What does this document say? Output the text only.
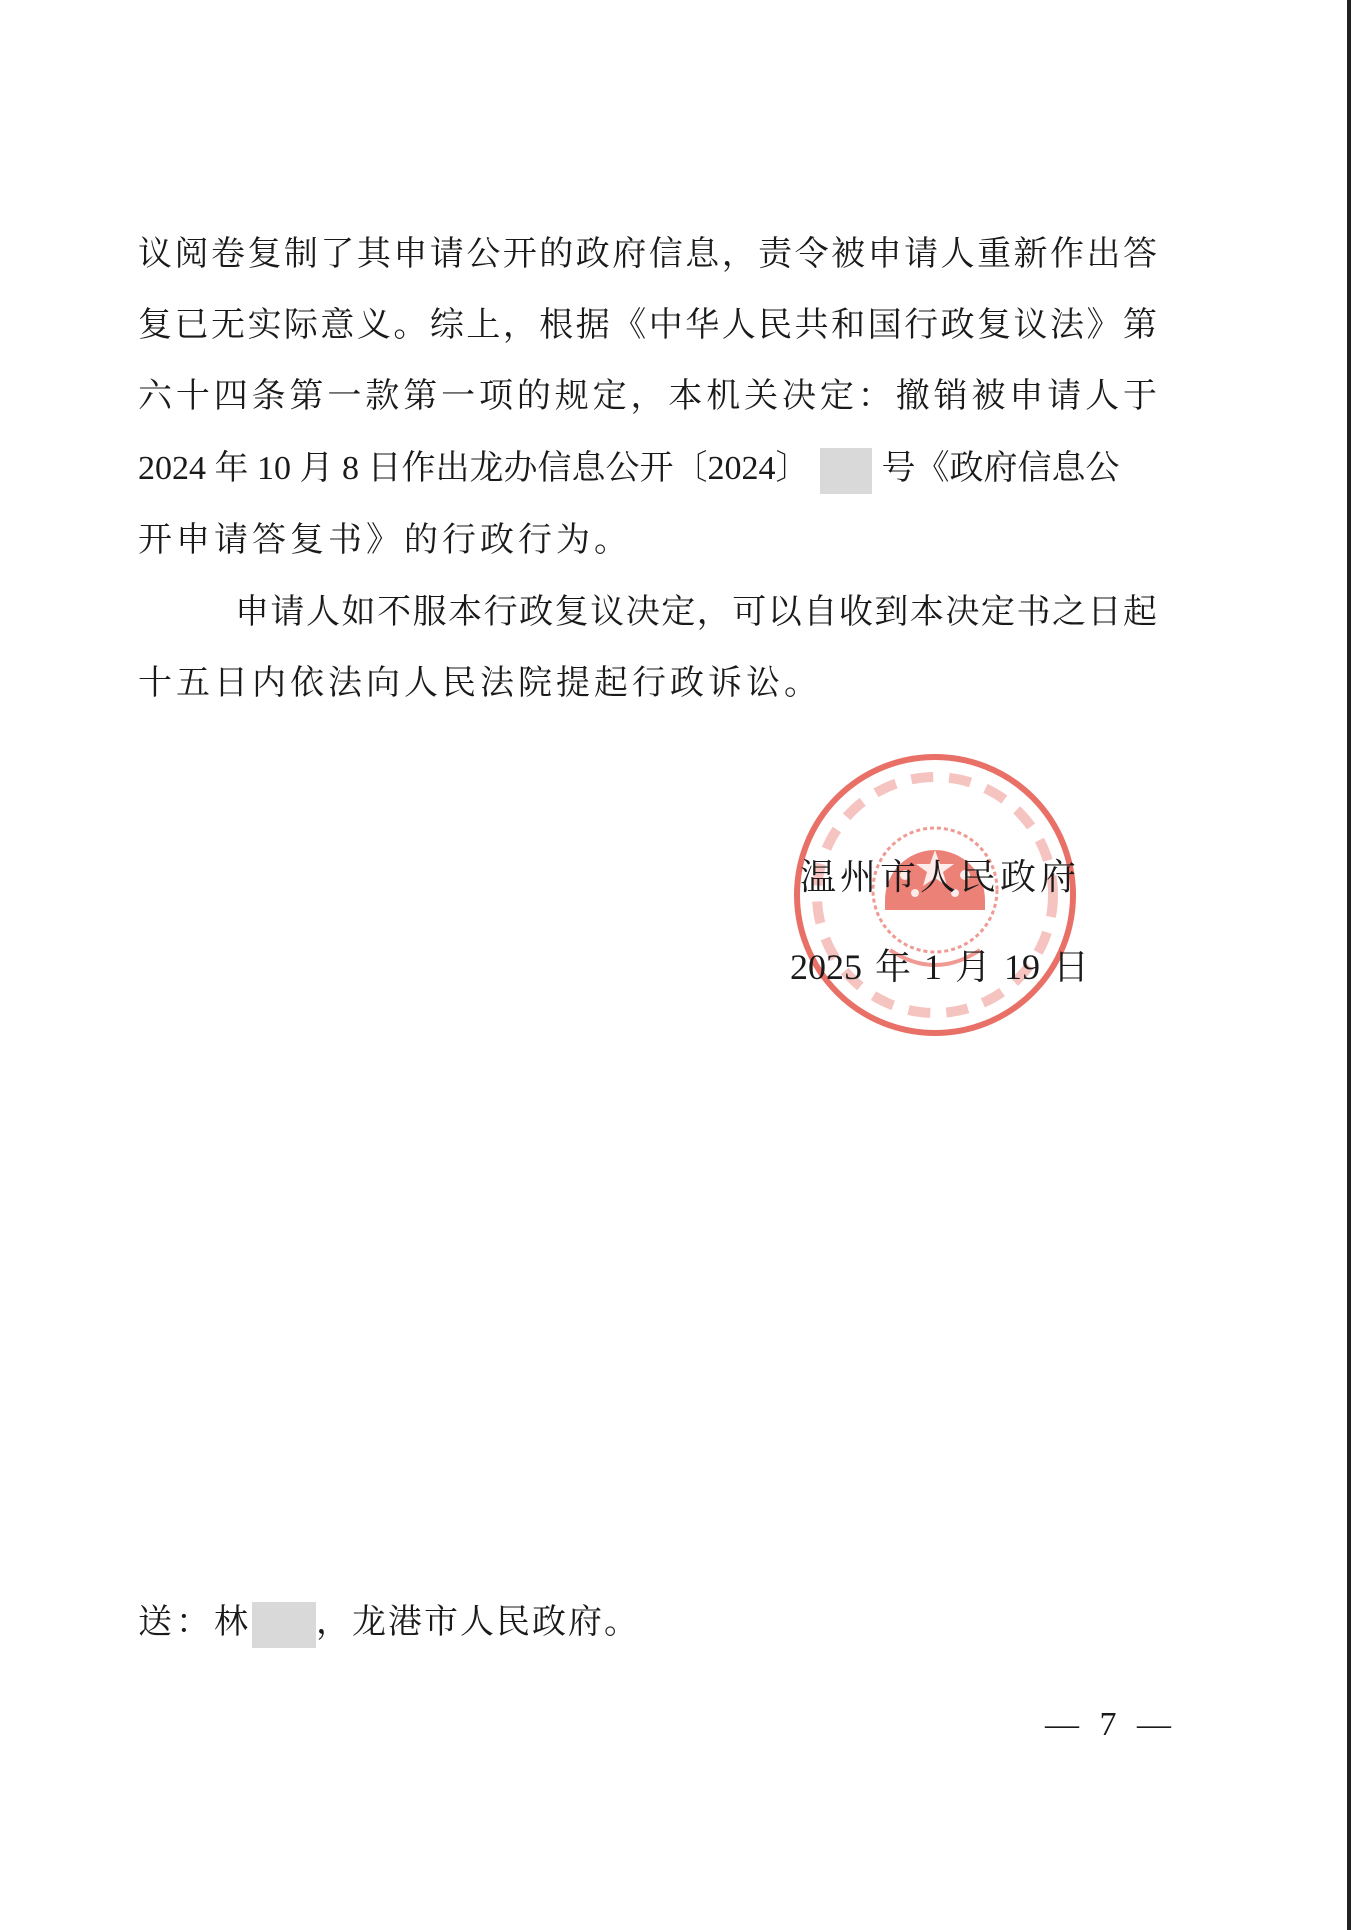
议阅卷复制了其申请公开的政府信息，责令被申请人重新作出答
复已无实际意义。综上，根据《中华人民共和国行政复议法》第
六十四条第一款第一项的规定，本机关决定：撤销被申请人于
2024 年 10 月 8 日作出龙办信息公开〔2024〕 号《政府信息公
开申请答复书》的行政行为。
申请人如不服本行政复议决定，可以自收到本决定书之日起
十五日内依法向人民法院提起行政诉讼。
温州市人民政府
2025 年 1 月 19 日
送：林 ，龙港市人民政府。
— 7 —
